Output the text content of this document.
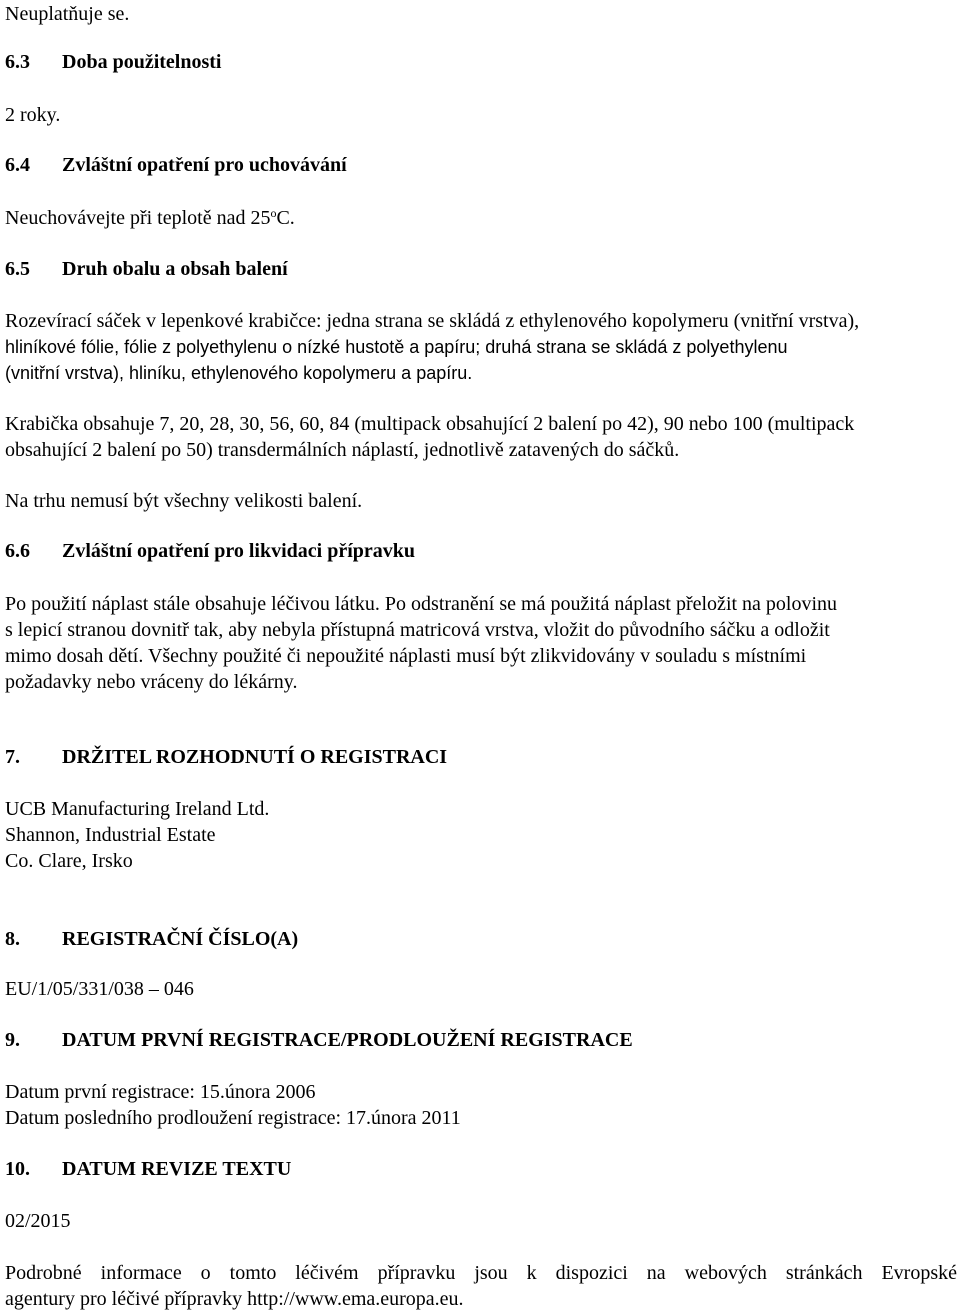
Neuplatňuje se.
6.3 Doba použitelnosti
2 roky.
6.4 Zvláštní opatření pro uchovávání
Neuchovávejte při teplotě nad 25$^o$C.
6.5 Druh obalu a obsah balení
Rozevírací sáček v lepenkové krabičce: jedna strana se skládá z ethylenového kopolymeru (vnitřní vrstva),
hliníkové fólie, fólie z polyethylenu o nízké hustotě a papíru; druhá strana se skládá z polyethylenu
(vnitřní vrstva), hliníku, ethylenového kopolymeru a papíru.
Krabička obsahuje 7, 20, 28, 30, 56, 60, 84 (multipack obsahující 2 balení po 42), 90 nebo 100 (multipack
obsahující 2 balení po 50) transdermálních náplastí, jednotlivě zatavených do sáčků.
Na trhu nemusí být všechny velikosti balení.
6.6 Zvláštní opatření pro likvidaci přípravku
Po použití náplast stále obsahuje léčivou látku. Po odstranění se má použitá náplast přeložit na polovinu
s lepicí stranou dovnitř tak, aby nebyla přístupná matricová vrstva, vložit do původního sáčku a odložit
mimo dosah dětí. Všechny použité či nepoužité náplasti musí být zlikvidovány v souladu s místními
požadavky nebo vráceny do lékárny.
7. DRŽITEL ROZHODNUTÍ O REGISTRACI
UCB Manufacturing Ireland Ltd.
Shannon, Industrial Estate
Co. Clare, Irsko
8. REGISTRAČNÍ ČÍSLO(A)
EU/1/05/331/038 – 046
9. DATUM PRVNÍ REGISTRACE/PRODLOUŽENÍ REGISTRACE
Datum první registrace: 15.února 2006
Datum posledního prodloužení registrace: 17.února 2011
10. DATUM REVIZE TEXTU
02/2015
Podrobné informace o tomto léčivém přípravku jsou k dispozici na webových stránkách Evropské
agentury pro léčivé přípravky http://www.ema.europa.eu.
